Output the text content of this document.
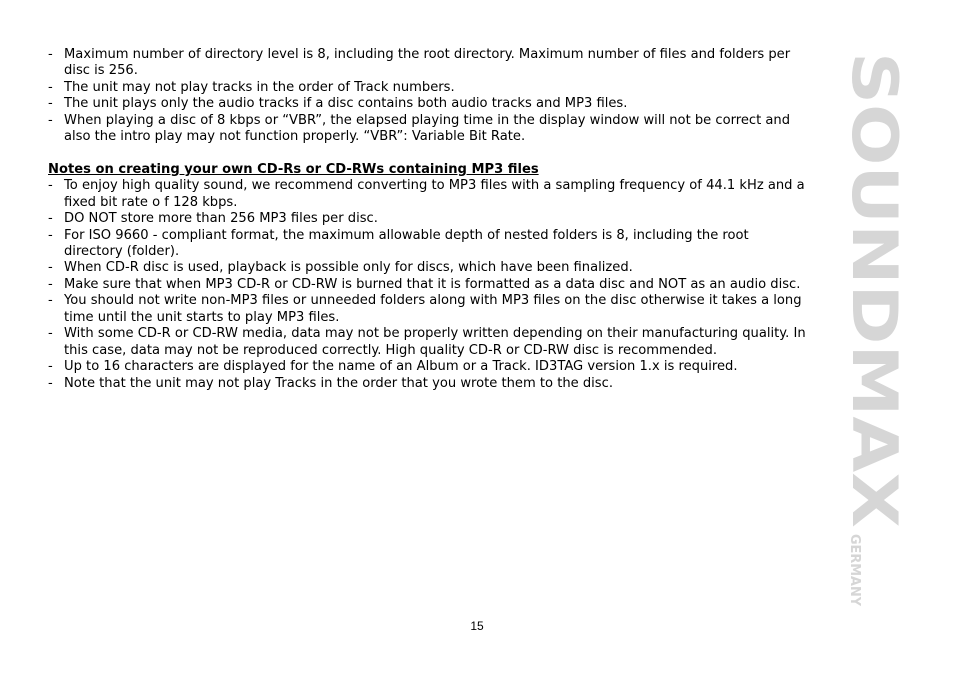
- Maximum number of directory level is 8, including the root directory. Maximum number of files and folders per disc is 256.
- The unit may not play tracks in the order of Track numbers.
- The unit plays only the audio tracks if a disc contains both audio tracks and MP3 files.
- When playing a disc of 8 kbps or “VBR”, the elapsed playing time in the display window will not be correct and also the intro play may not function properly. “VBR”: Variable Bit Rate.
Notes on creating your own CD-Rs or CD-RWs containing MP3 files
- To enjoy high quality sound, we recommend converting to MP3 files with a sampling frequency of 44.1 kHz and a fixed bit rate o f 128 kbps.
- DO NOT store more than 256 MP3 files per disc.
- For ISO 9660 - compliant format, the maximum allowable depth of nested folders is 8, including the root directory (folder).
- When CD-R disc is used, playback is possible only for discs, which have been finalized.
- Make sure that when MP3 CD-R or CD-RW is burned that it is formatted as a data disc and NOT as an audio disc.
- You should not write non-MP3 files or unneeded folders along with MP3 files on the disc otherwise it takes a long time until the unit starts to play MP3 files.
- With some CD-R or CD-RW media, data may not be properly written depending on their manufacturing quality. In this case, data may not be reproduced correctly. High quality CD-R or CD-RW disc is recommended.
- Up to 16 characters are displayed for the name of an Album or a Track. ID3TAG version 1.x is required.
- Note that the unit may not play Tracks in the order that you wrote them to the disc.	SOUNDMAX
GERMANY
15
